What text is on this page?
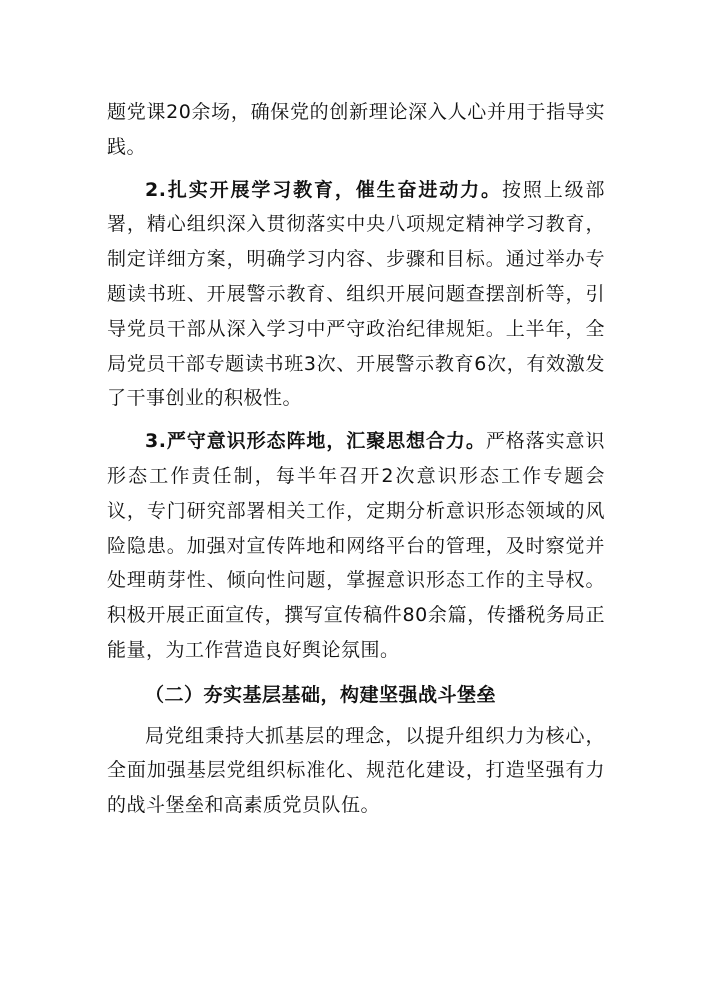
题党课20余场，确保党的创新理论深入人心并用于指导实践。

2.扎实开展学习教育，催生奋进动力。按照上级部署，精心组织深入贯彻落实中央八项规定精神学习教育，制定详细方案，明确学习内容、步骤和目标。通过举办专题读书班、开展警示教育、组织开展问题查摆剖析等，引导党员干部从深入学习中严守政治纪律规矩。上半年，全局党员干部专题读书班3次、开展警示教育6次，有效激发了干事创业的积极性。

3.严守意识形态阵地，汇聚思想合力。严格落实意识形态工作责任制，每半年召开2次意识形态工作专题会议，专门研究部署相关工作，定期分析意识形态领域的风险隐患。加强对宣传阵地和网络平台的管理，及时察觉并处理萌芽性、倾向性问题，掌握意识形态工作的主导权。积极开展正面宣传，撰写宣传稿件80余篇，传播税务局正能量，为工作营造良好舆论氛围。

（二）夯实基层基础，构建坚强战斗堡垒

局党组秉持大抓基层的理念，以提升组织力为核心，全面加强基层党组织标准化、规范化建设，打造坚强有力的战斗堡垒和高素质党员队伍。
